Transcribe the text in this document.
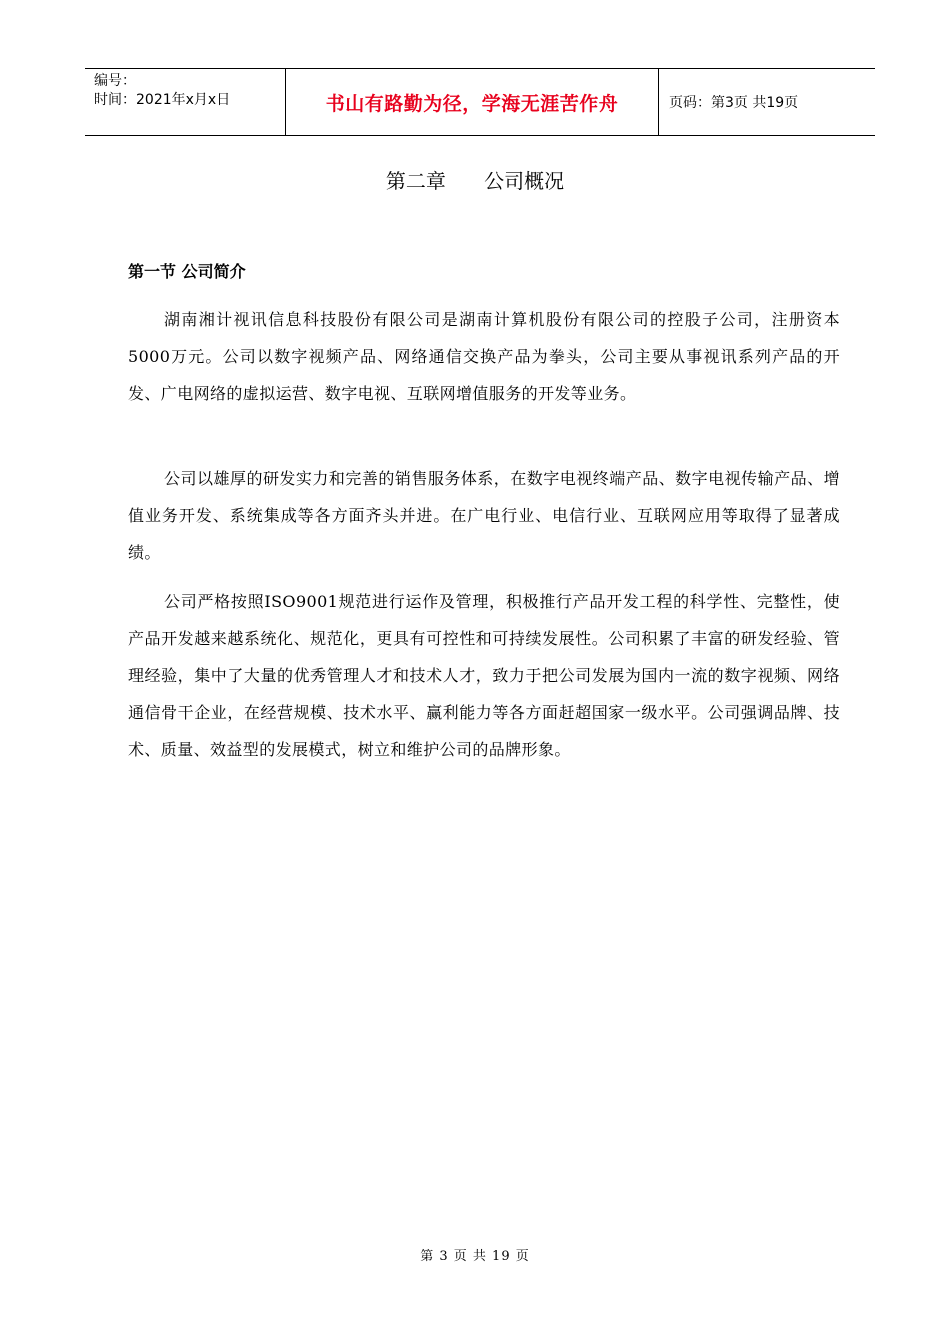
编号：
时间：2021年x月x日	书山有路勤为径，学海无涯苦作舟	页码：第3页 共19页
第二章      公司概况
第一节 公司简介

湖南湘计视讯信息科技股份有限公司是湖南计算机股份有限公司的控股子公司，注册资本5000万元。公司以数字视频产品、网络通信交换产品为拳头，公司主要从事视讯系列产品的开发、广电网络的虚拟运营、数字电视、互联网增值服务的开发等业务。

公司以雄厚的研发实力和完善的销售服务体系，在数字电视终端产品、数字电视传输产品、增值业务开发、系统集成等各方面齐头并进。在广电行业、电信行业、互联网应用等取得了显著成绩。

公司严格按照ISO9001规范进行运作及管理，积极推行产品开发工程的科学性、完整性，使产品开发越来越系统化、规范化，更具有可控性和可持续发展性。公司积累了丰富的研发经验、管理经验，集中了大量的优秀管理人才和技术人才，致力于把公司发展为国内一流的数字视频、网络通信骨干企业，在经营规模、技术水平、赢利能力等各方面赶超国家一级水平。公司强调品牌、技术、质量、效益型的发展模式，树立和维护公司的品牌形象。

第 3 页 共 19 页
